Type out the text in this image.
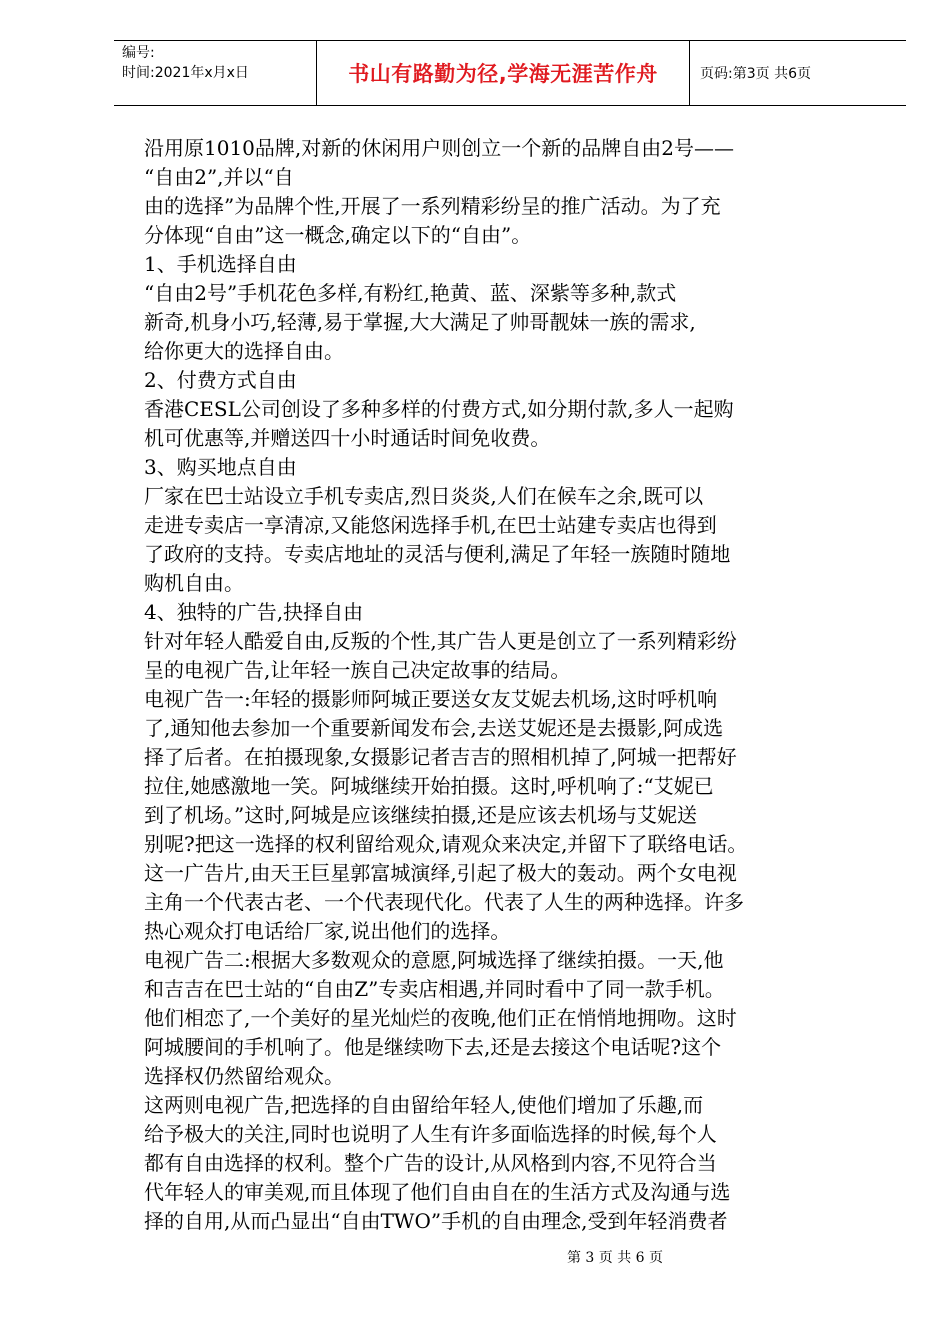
编号:
时间:2021年x月x日	书山有路勤为径,学海无涯苦作舟	页码:第3页 共6页

沿用原1010品牌,对新的休闲用户则创立一个新的品牌自由2号——

“自由2”,并以“自

由的选择”为品牌个性,开展了一系列精彩纷呈的推广活动。为了充

分体现“自由”这一概念,确定以下的“自由”。

1、手机选择自由

“自由2号”手机花色多样,有粉红,艳黄、蓝、深紫等多种,款式

新奇,机身小巧,轻薄,易于掌握,大大满足了帅哥靓妹一族的需求,

给你更大的选择自由。

2、付费方式自由

香港CESL公司创设了多种多样的付费方式,如分期付款,多人一起购

机可优惠等,并赠送四十小时通话时间免收费。

3、购买地点自由

厂家在巴士站设立手机专卖店,烈日炎炎,人们在候车之余,既可以

走进专卖店一享清凉,又能悠闲选择手机,在巴士站建专卖店也得到

了政府的支持。专卖店地址的灵活与便利,满足了年轻一族随时随地

购机自由。

4、独特的广告,抉择自由

针对年轻人酷爱自由,反叛的个性,其广告人更是创立了一系列精彩纷

呈的电视广告,让年轻一族自己决定故事的结局。

电视广告一:年轻的摄影师阿城正要送女友艾妮去机场,这时呼机响

了,通知他去参加一个重要新闻发布会,去送艾妮还是去摄影,阿成选

择了后者。在拍摄现象,女摄影记者吉吉的照相机掉了,阿城一把帮好

拉住,她感激地一笑。阿城继续开始拍摄。这时,呼机响了:“艾妮已

到了机场。”这时,阿城是应该继续拍摄,还是应该去机场与艾妮送

别呢?把这一选择的权利留给观众,请观众来决定,并留下了联络电话。

这一广告片,由天王巨星郭富城演绎,引起了极大的轰动。两个女电视

主角一个代表古老、一个代表现代化。代表了人生的两种选择。许多

热心观众打电话给厂家,说出他们的选择。

电视广告二:根据大多数观众的意愿,阿城选择了继续拍摄。一天,他

和吉吉在巴士站的“自由Z”专卖店相遇,并同时看中了同一款手机。

他们相恋了,一个美好的星光灿烂的夜晚,他们正在悄悄地拥吻。这时

阿城腰间的手机响了。他是继续吻下去,还是去接这个电话呢?这个

选择权仍然留给观众。

这两则电视广告,把选择的自由留给年轻人,使他们增加了乐趣,而

给予极大的关注,同时也说明了人生有许多面临选择的时候,每个人

都有自由选择的权利。整个广告的设计,从风格到内容,不见符合当

代年轻人的审美观,而且体现了他们自由自在的生活方式及沟通与选

择的自用,从而凸显出“自由TWO”手机的自由理念,受到年轻消费者

第 3 页 共 6 页
